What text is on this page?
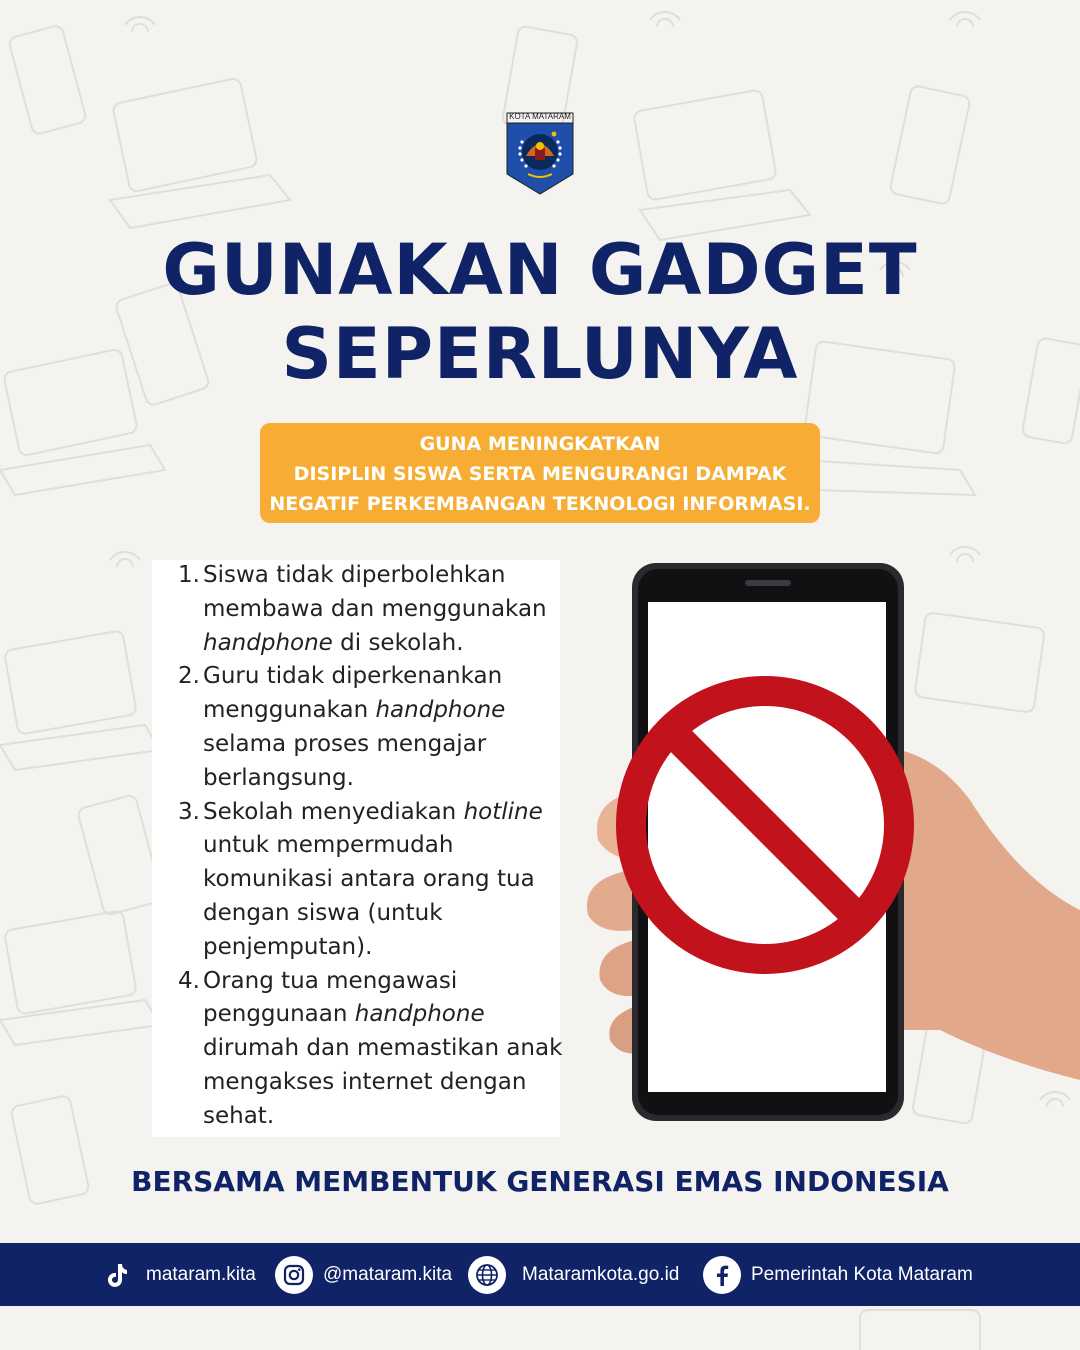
KOTA MATARAM
GUNAKAN GADGET
SEPERLUNYA
GUNA MENINGKATKAN
DISIPLIN SISWA SERTA MENGURANGI DAMPAK
NEGATIF PERKEMBANGAN TEKNOLOGI INFORMASI.
1. Siswa tidak diperbolehkan membawa dan menggunakan handphone di sekolah.
2. Guru tidak diperkenankan menggunakan handphone selama proses mengajar berlangsung.
3. Sekolah menyediakan hotline untuk mempermudah komunikasi antara orang tua dengan siswa (untuk penjemputan).
4. Orang tua mengawasi penggunaan handphone dirumah dan memastikan anak mengakses internet dengan sehat.
BERSAMA MEMBENTUK GENERASI EMAS INDONESIA
mataram.kita	@mataram.kita	Mataramkota.go.id	Pemerintah Kota Mataram
